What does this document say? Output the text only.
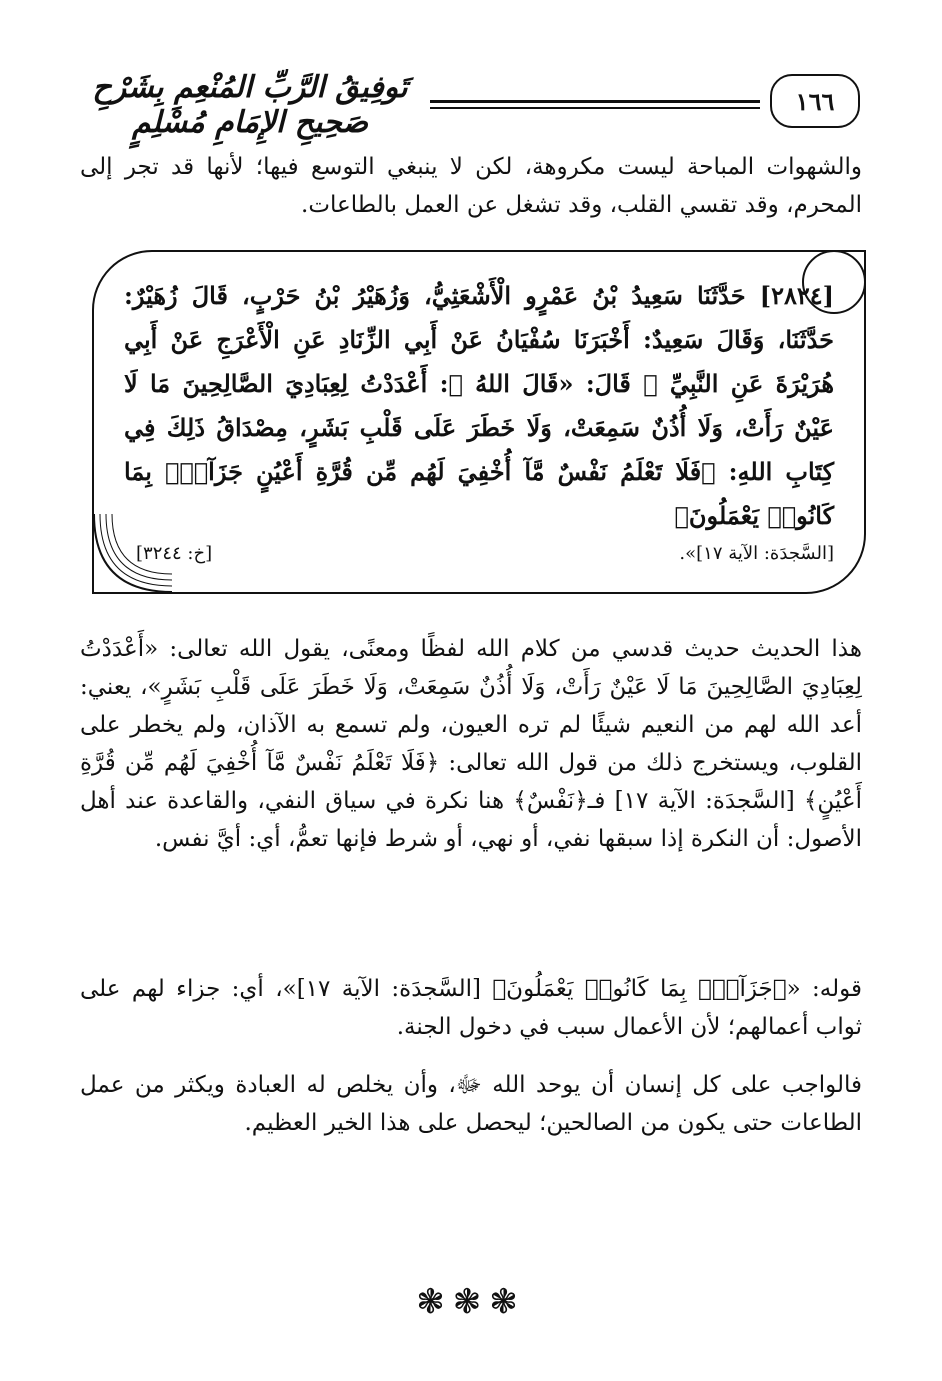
١٦٦
تَوفِيقُ الرَّبِّ المُنْعِمِ بِشَرْحِ صَحِيحِ الإِمَامِ مُسْلِمٍ
والشهوات المباحة ليست مكروهة، لكن لا ينبغي التوسع فيها؛ لأنها قد تجر إلى المحرم، وقد تقسي القلب، وقد تشغل عن العمل بالطاعات.
[٢٨٢٤] حَدَّثَنَا سَعِيدُ بْنُ عَمْرٍو الْأَشْعَثِيُّ، وَزُهَيْرُ بْنُ حَرْبٍ، قَالَ زُهَيْرٌ: حَدَّثَنَا، وَقَالَ سَعِيدٌ: أَخْبَرَنَا سُفْيَانُ عَنْ أَبِي الزِّنَادِ عَنِ الْأَعْرَجِ عَنْ أَبِي هُرَيْرَةَ عَنِ النَّبِيِّ ﷺ قَالَ: «قَالَ اللهُ ﷻ: أَعْدَدْتُ لِعِبَادِيَ الصَّالِحِينَ مَا لَا عَيْنٌ رَأَتْ، وَلَا أُذُنٌ سَمِعَتْ، وَلَا خَطَرَ عَلَى قَلْبِ بَشَرٍ، مِصْدَاقُ ذَلِكَ فِي كِتَابِ اللهِ: ﴿فَلَا تَعْلَمُ نَفْسٌ مَّآ أُخْفِيَ لَهُم مِّن قُرَّةِ أَعْيُنٍ جَزَآءَۢ بِمَا كَانُوا۟ يَعْمَلُونَ﴾
[السَّجدَة: الآية ١٧]».
[خ: ٣٢٤٤]
هذا الحديث حديث قدسي من كلام الله لفظًا ومعنًى، يقول الله تعالى: «أَعْدَدْتُ لِعِبَادِيَ الصَّالِحِينَ مَا لَا عَيْنٌ رَأَتْ، وَلَا أُذُنٌ سَمِعَتْ، وَلَا خَطَرَ عَلَى قَلْبِ بَشَرٍ»، يعني: أعد الله لهم من النعيم شيئًا لم تره العيون، ولم تسمع به الآذان، ولم يخطر على القلوب، ويستخرج ذلك من قول الله تعالى: ﴿فَلَا تَعْلَمُ نَفْسٌ مَّآ أُخْفِيَ لَهُم مِّن قُرَّةِ أَعْيُنٍ﴾ [السَّجدَة: الآية ١٧] فـ﴿نَفْسٌ﴾ هنا نكرة في سياق النفي، والقاعدة عند أهل الأصول: أن النكرة إذا سبقها نفي، أو نهي، أو شرط فإنها تعمُّ، أي: أيَّ نفس.
قوله: «﴿جَزَآءَۢ بِمَا كَانُوا۟ يَعْمَلُونَ﴾ [السَّجدَة: الآية ١٧]»، أي: جزاء لهم على ثواب أعمالهم؛ لأن الأعمال سبب في دخول الجنة.
فالواجب على كل إنسان أن يوحد الله ﷻ، وأن يخلص له العبادة ويكثر من عمل الطاعات حتى يكون من الصالحين؛ ليحصل على هذا الخير العظيم.
❃❃❃
